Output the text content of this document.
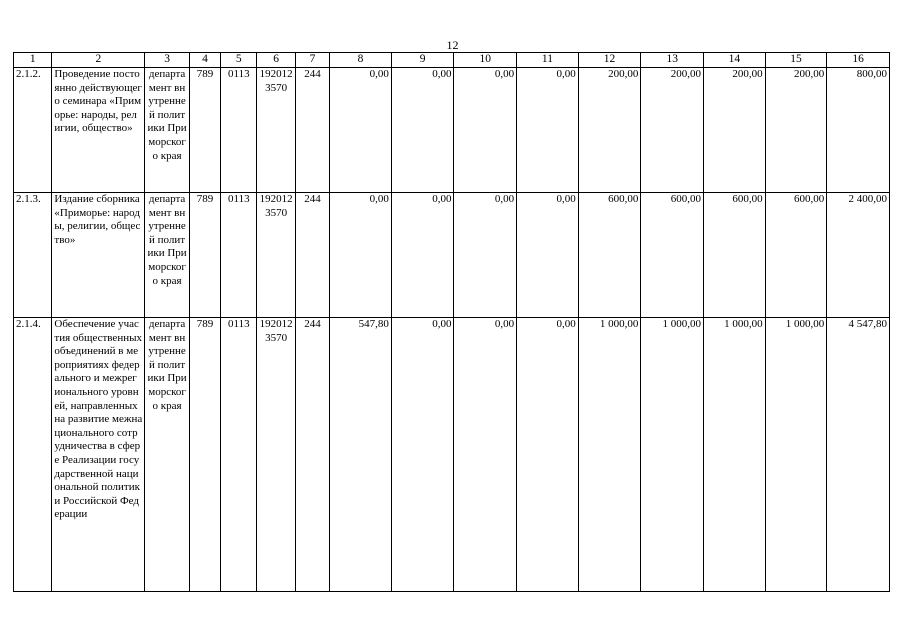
12
1	2	3	4	5	6	7	8	9	10	11	12	13	14	15	16
2.1.2.	Проведение постоянно действующего семинара «Приморье: народы, религии, общество»	департамент внутренней политики Приморского края	789	0113	1920123570	244	0,00	0,00	0,00	0,00	200,00	200,00	200,00	200,00	800,00
2.1.3.	Издание сборника «Приморье: народы, религии, общество»	департамент внутренней политики Приморского края	789	0113	1920123570	244	0,00	0,00	0,00	0,00	600,00	600,00	600,00	600,00	2 400,00
2.1.4.	Обеспечение участия общественных объединений в мероприятиях федерального и межрегионального уровней, направленных на развитие межнационального сотрудничества в сфере Реализации государственной национальной политики Российской Федерации	департамент внутренней политики Приморского края	789	0113	1920123570	244	547,80	0,00	0,00	0,00	1 000,00	1 000,00	1 000,00	1 000,00	4 547,80
